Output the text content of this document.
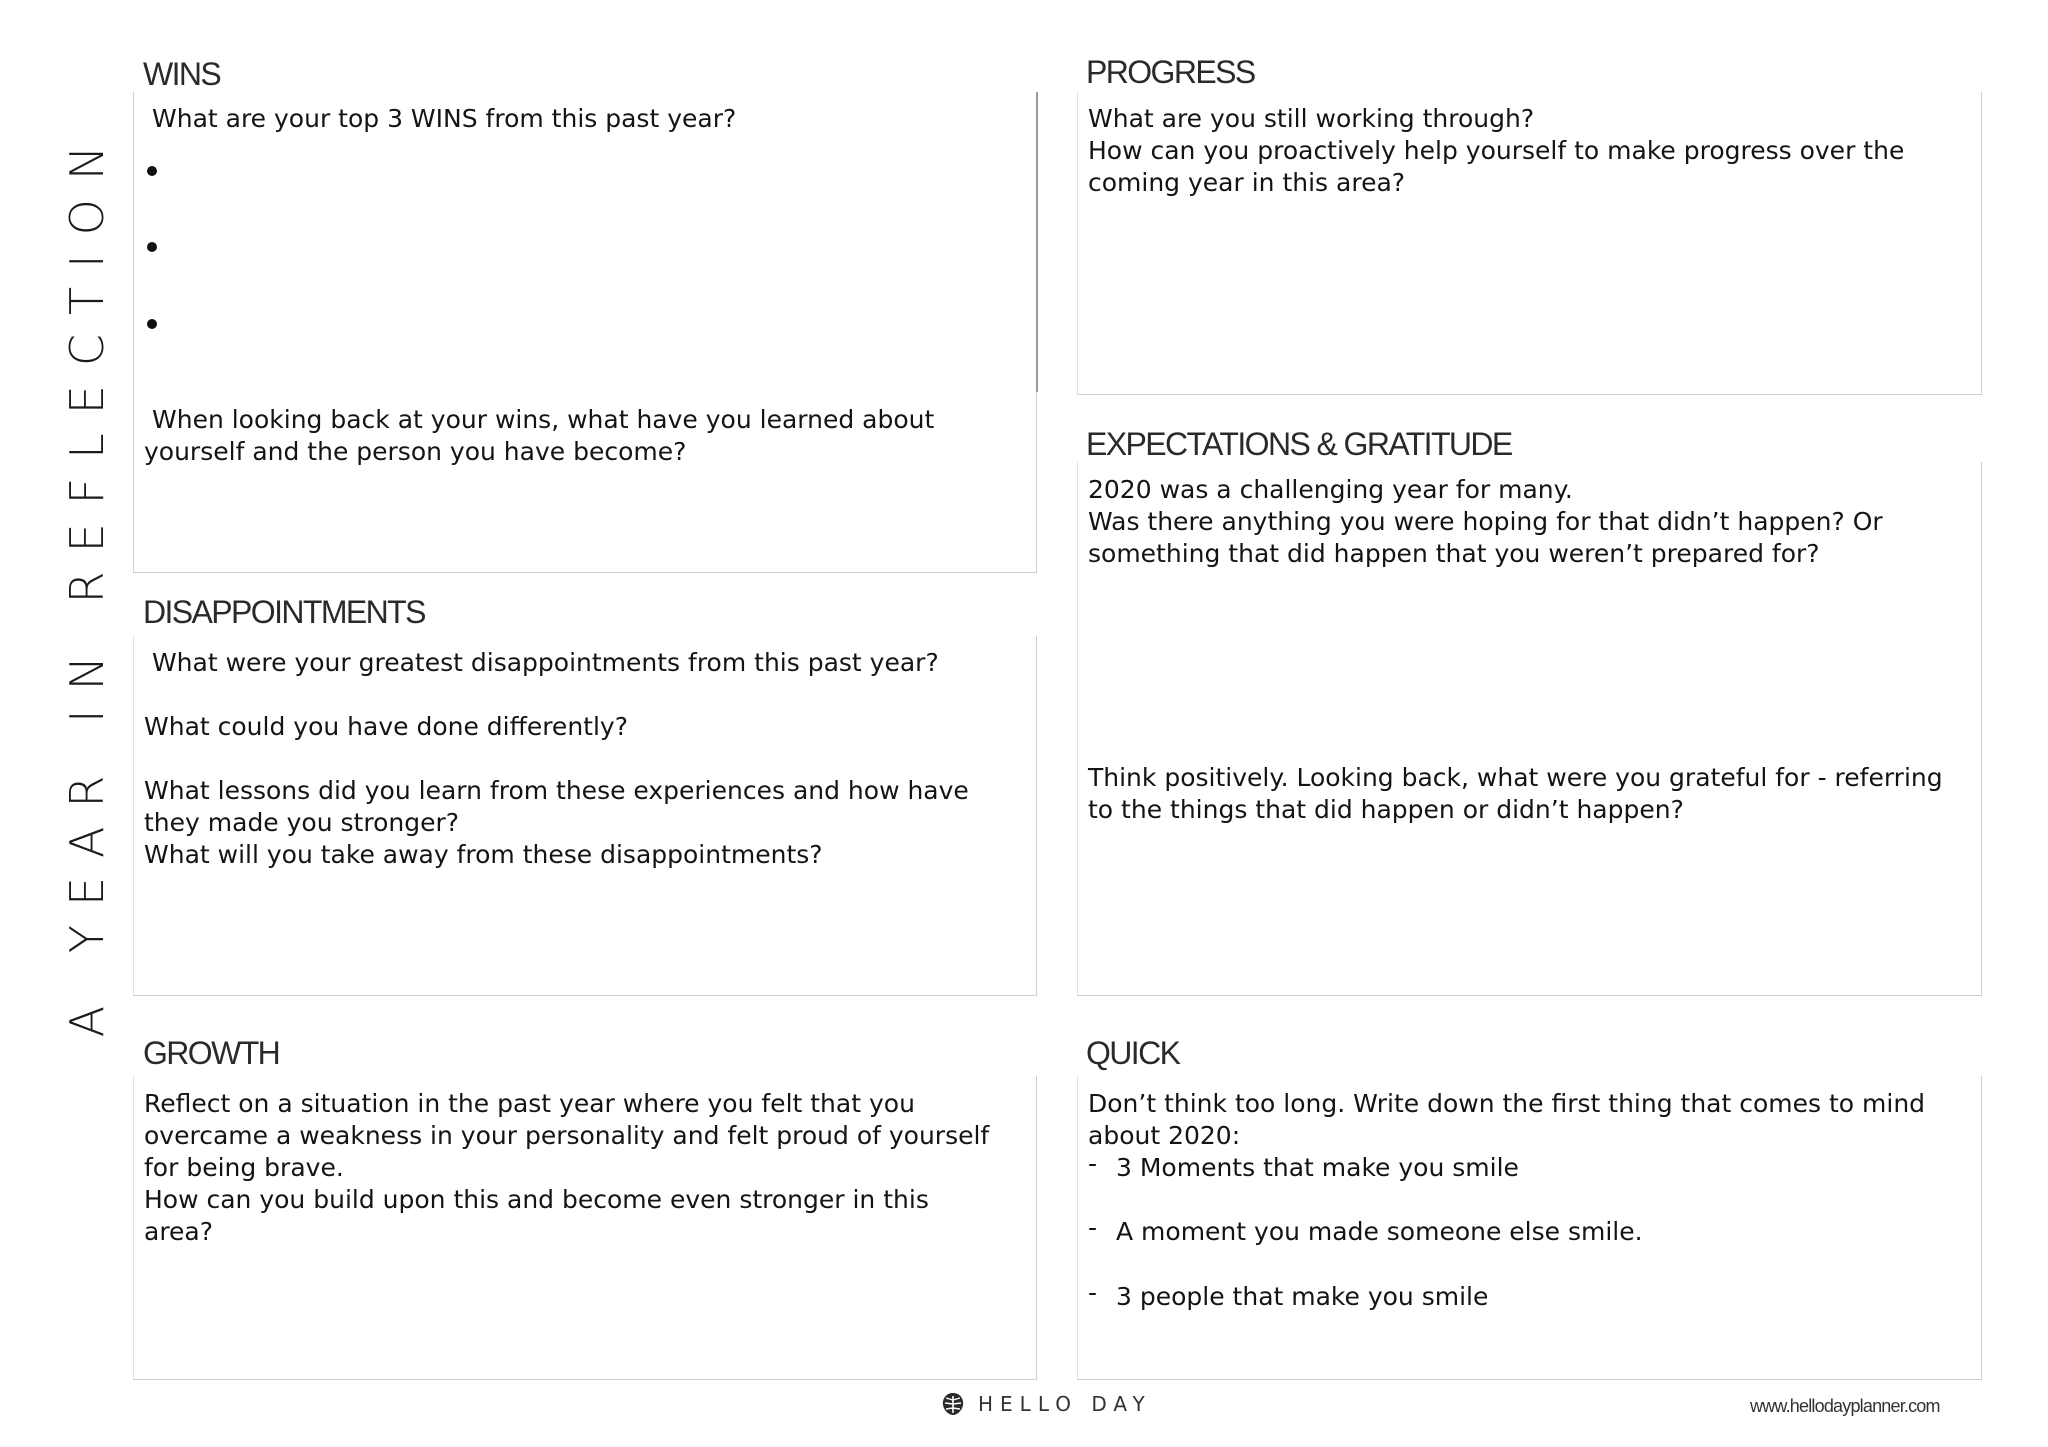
A YEAR IN REFLECTION
WINS

What are your top 3 WINS from this past year?

When looking back at your wins, what have you learned about
yourself and the person you have become?

DISAPPOINTMENTS

What were your greatest disappointments from this past year?

What could you have done differently?

What lessons did you learn from these experiences and how have
they made you stronger?
What will you take away from these disappointments?

GROWTH

Reflect on a situation in the past year where you felt that you
overcame a weakness in your personality and felt proud of yourself
for being brave.
How can you build upon this and become even stronger in this
area?

PROGRESS

What are you still working through?
How can you proactively help yourself to make progress over the
coming year in this area?

EXPECTATIONS & GRATITUDE

2020 was a challenging year for many.
Was there anything you were hoping for that didn’t happen? Or
something that did happen that you weren’t prepared for?

Think positively. Looking back, what were you grateful for - referring
to the things that did happen or didn’t happen?

QUICK

Don’t think too long. Write down the first thing that comes to mind
about 2020:

- 3 Moments that make you smile
- A moment you made someone else smile.
- 3 people that make you smile
HELLO DAY	www.hellodayplanner.com
